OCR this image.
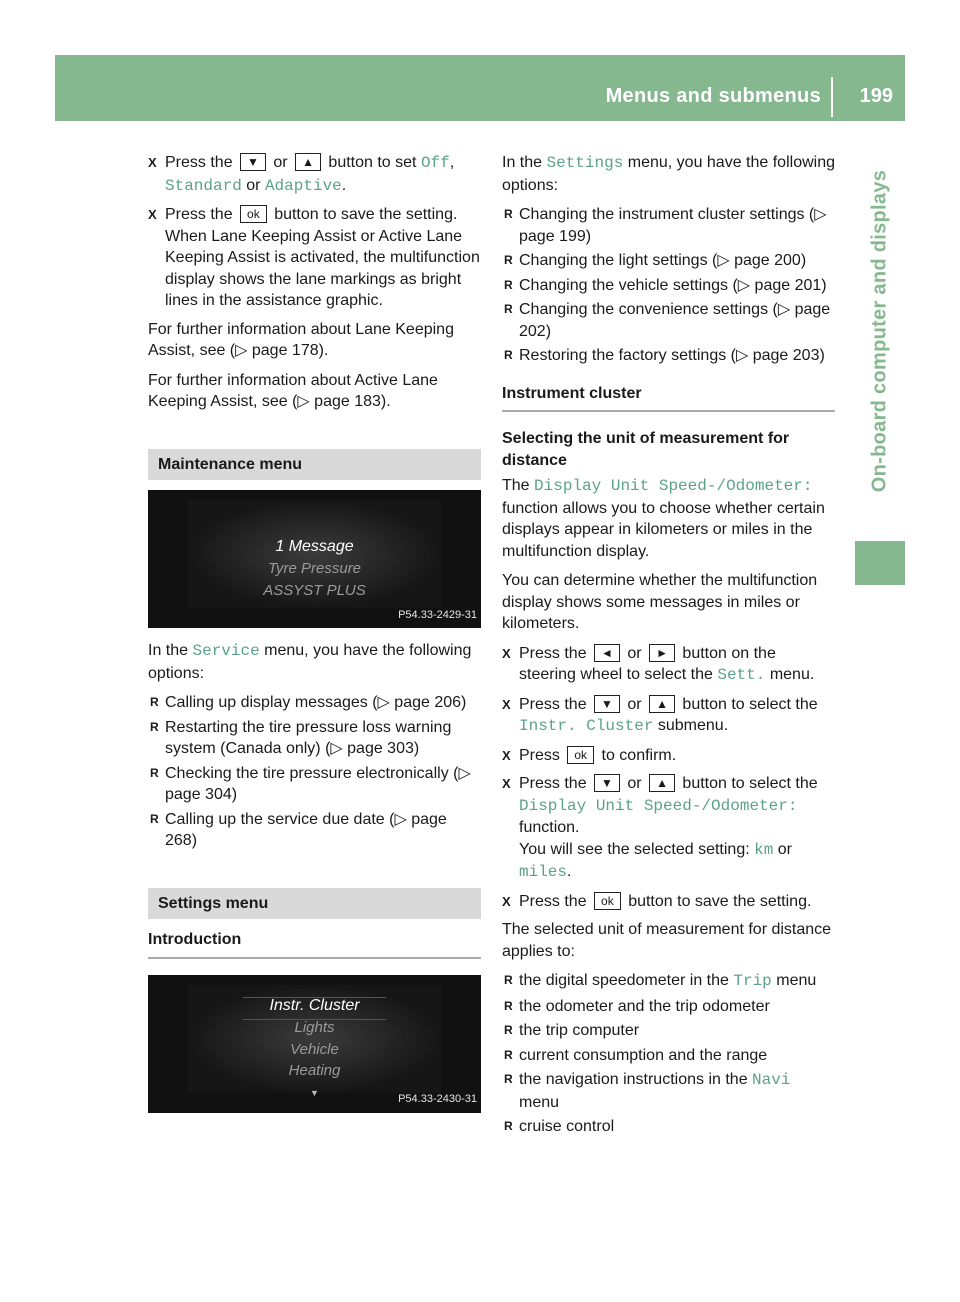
Menus and submenus 199
On-board computer and displays
X Press the ▼ or ▲ button to set Off, Standard or Adaptive.
X Press the ok button to save the setting. When Lane Keeping Assist or Active Lane Keeping Assist is activated, the multifunction display shows the lane markings as bright lines in the assistance graphic.

For further information about Lane Keeping Assist, see (▷ page 178).

For further information about Active Lane Keeping Assist, see (▷ page 183).

Maintenance menu
1 Message
Tyre Pressure
ASSYST PLUS
P54.33-2429-31

In the Service menu, you have the following options:

R Calling up display messages (▷ page 206)
R Restarting the tire pressure loss warning system (Canada only) (▷ page 303)
R Checking the tire pressure electronically (▷ page 304)
R Calling up the service due date (▷ page 268)
Settings menu
Introduction
Instr. Cluster
Lights
Vehicle
Heating
▼
P54.33-2430-31

In the Settings menu, you have the following options:

R Changing the instrument cluster settings (▷ page 199)
R Changing the light settings (▷ page 200)
R Changing the vehicle settings (▷ page 201)
R Changing the convenience settings (▷ page 202)
R Restoring the factory settings (▷ page 203)
Instrument cluster
Selecting the unit of measurement for distance

The Display Unit Speed-/Odometer: function allows you to choose whether certain displays appear in kilometers or miles in the multifunction display.

You can determine whether the multifunction display shows some messages in miles or kilometers.

X Press the ◄ or ► button on the steering wheel to select the Sett. menu.
X Press the ▼ or ▲ button to select the Instr. Cluster submenu.
X Press ok to confirm.
X Press the ▼ or ▲ button to select the Display Unit Speed-/Odometer: function.
You will see the selected setting: km or miles.
X Press the ok button to save the setting.

The selected unit of measurement for distance applies to:

R the digital speedometer in the Trip menu
R the odometer and the trip odometer
R the trip computer
R current consumption and the range
R the navigation instructions in the Navi
menu
R cruise control
